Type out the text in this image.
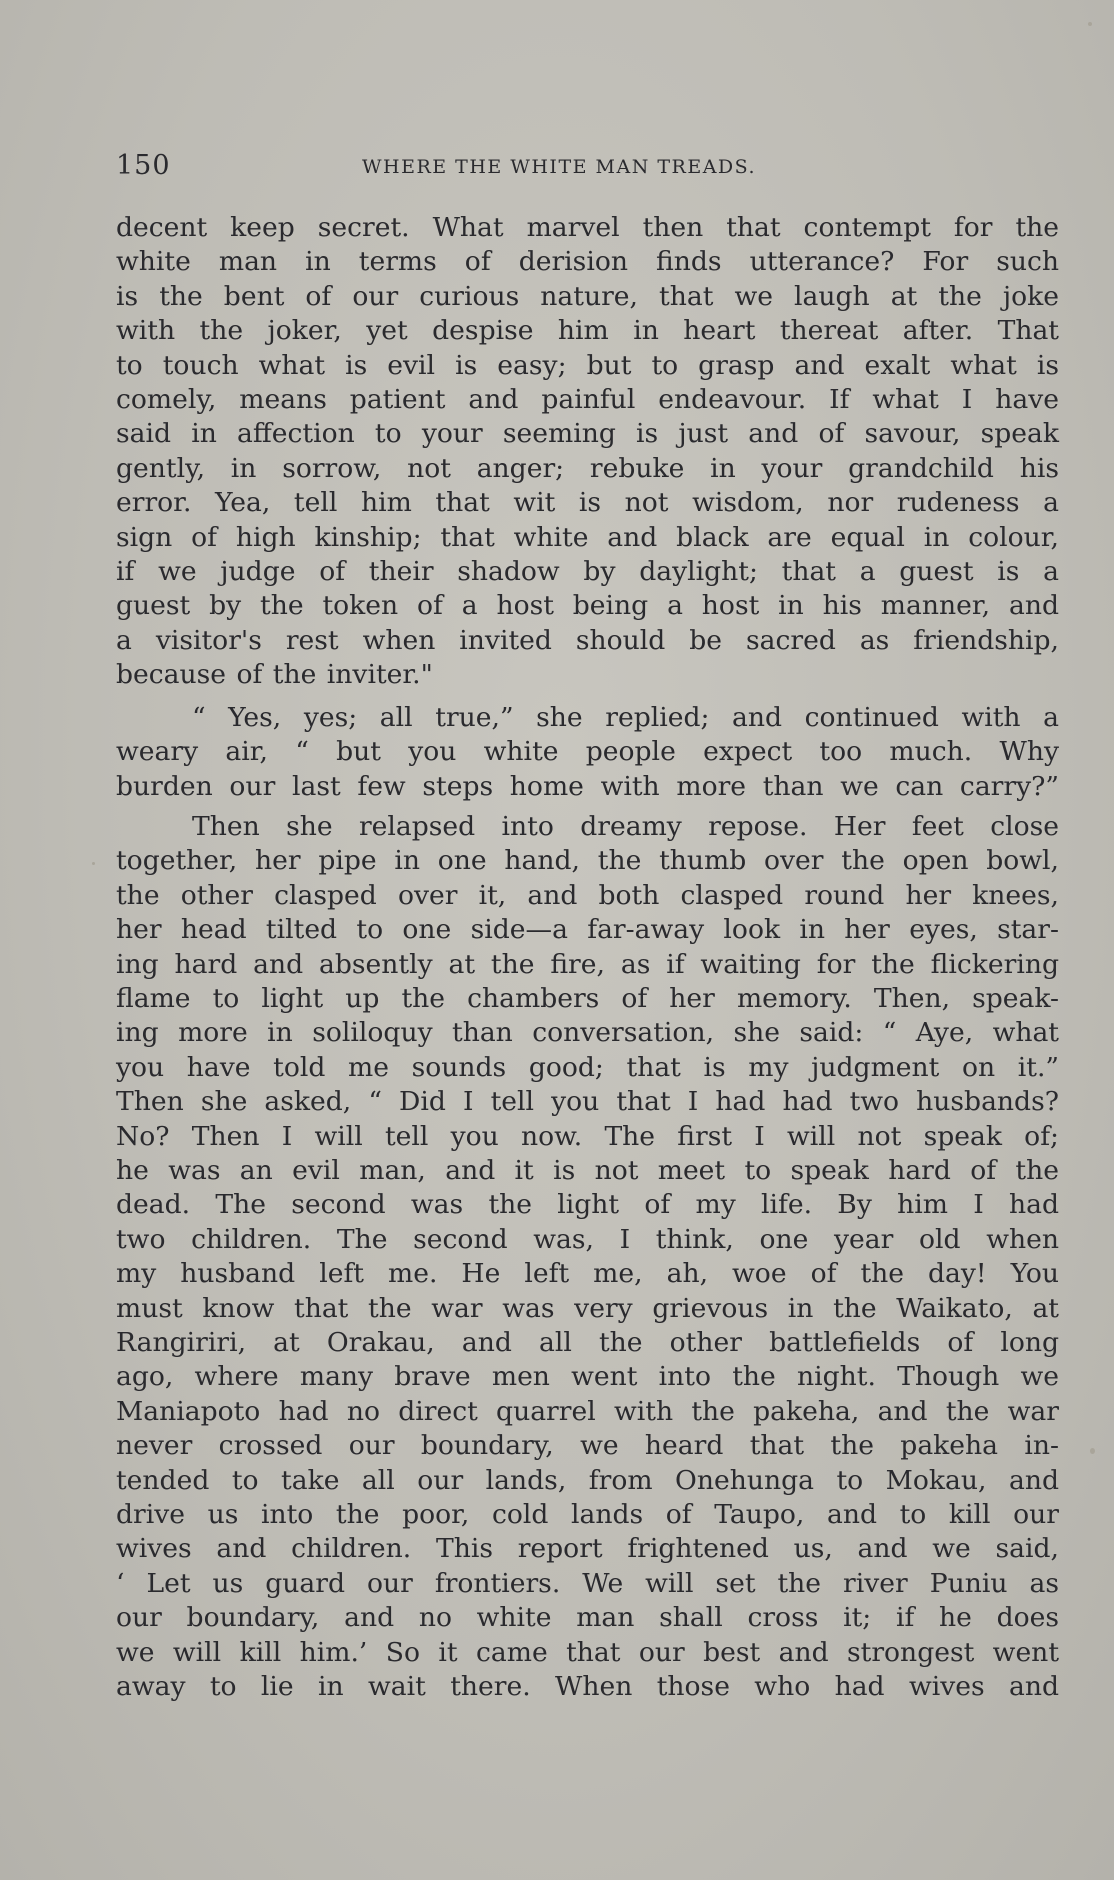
150	WHERE THE WHITE MAN TREADS.
decent keep secret. What marvel then that contempt for the
white man in terms of derision finds utterance? For such
is the bent of our curious nature, that we laugh at the joke
with the joker, yet despise him in heart thereat after. That
to touch what is evil is easy; but to grasp and exalt what is
comely, means patient and painful endeavour. If what I have
said in affection to your seeming is just and of savour, speak
gently, in sorrow, not anger; rebuke in your grandchild his
error. Yea, tell him that wit is not wisdom, nor rudeness a
sign of high kinship; that white and black are equal in colour,
if we judge of their shadow by daylight; that a guest is a
guest by the token of a host being a host in his manner, and
a visitor's rest when invited should be sacred as friendship,
because of the inviter."
“ Yes, yes; all true,” she replied; and continued with a
weary air, “ but you white people expect too much. Why
burden our last few steps home with more than we can carry?”
Then she relapsed into dreamy repose. Her feet close
together, her pipe in one hand, the thumb over the open bowl,
the other clasped over it, and both clasped round her knees,
her head tilted to one side—a far-away look in her eyes, star-
ing hard and absently at the fire, as if waiting for the flickering
flame to light up the chambers of her memory. Then, speak-
ing more in soliloquy than conversation, she said: “ Aye, what
you have told me sounds good; that is my judgment on it.”
Then she asked, “ Did I tell you that I had had two husbands?
No? Then I will tell you now. The first I will not speak of;
he was an evil man, and it is not meet to speak hard of the
dead. The second was the light of my life. By him I had
two children. The second was, I think, one year old when
my husband left me. He left me, ah, woe of the day! You
must know that the war was very grievous in the Waikato, at
Rangiriri, at Orakau, and all the other battlefields of long
ago, where many brave men went into the night. Though we
Maniapoto had no direct quarrel with the pakeha, and the war
never crossed our boundary, we heard that the pakeha in-
tended to take all our lands, from Onehunga to Mokau, and
drive us into the poor, cold lands of Taupo, and to kill our
wives and children. This report frightened us, and we said,
‘ Let us guard our frontiers. We will set the river Puniu as
our boundary, and no white man shall cross it; if he does
we will kill him.’ So it came that our best and strongest went
away to lie in wait there. When those who had wives and
